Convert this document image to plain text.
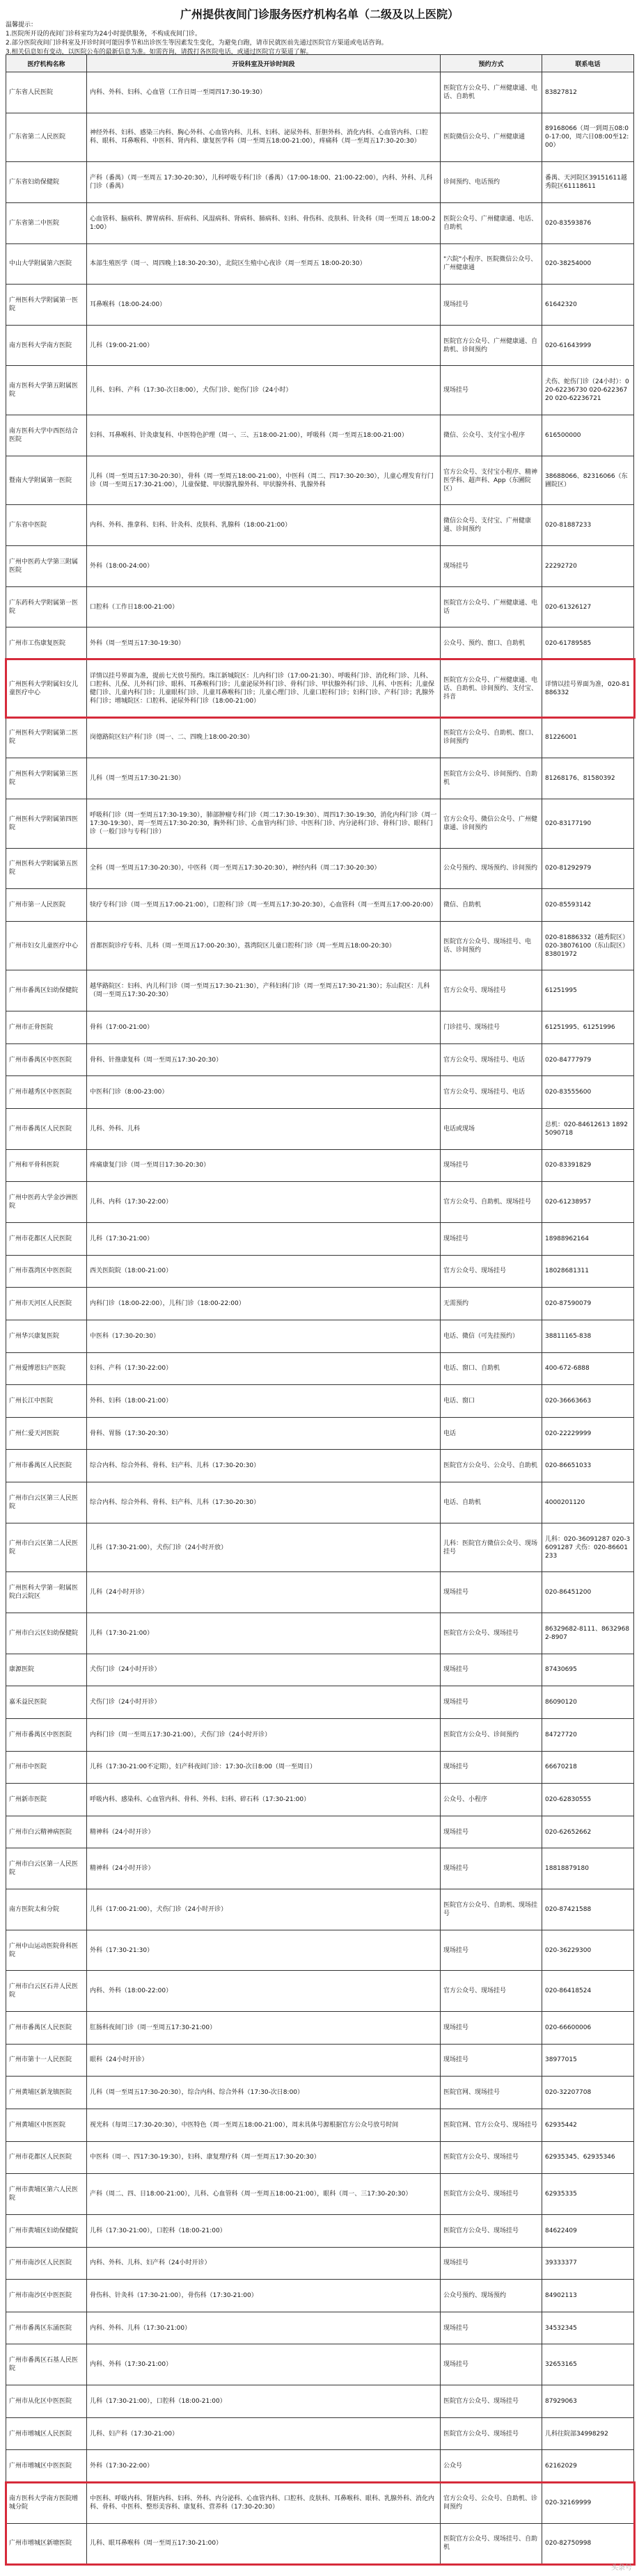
广州提供夜间门诊服务医疗机构名单（二级及以上医院）
温馨提示：
1.医院所开设的夜间门诊科室均为24小时提供服务，不构成夜间门诊。
2.部分医院夜间门诊科室及开诊时间可能因季节和出诊医生等因素发生变化，为避免白跑，请市民就医前先通过医院官方渠道或电话咨询。
3.相关信息如有变动，以医院公布的最新信息为准。如需咨询，请拨打各医院电话，或通过医院官方渠道了解。
医疗机构名称	开设科室及开诊时间段	预约方式	联系电话
广东省人民医院	内科、外科、妇科、心血管（工作日周一至周四17:30-19:30）	医院官方公众号、广州健康通、电话、自助机	83827812
广东省第二人民医院	神经外科、妇科、感染三内科、胸心外科、心血管内科、儿科、妇科、泌尿外科、肝胆外科、消化内科、心血管内科、口腔科、眼科、耳鼻喉科、中医科、肾内科、康复医学科（周一至周五18:00-21:00），疼痛科（周一至周五17:30-20:30）	医院微信公众号、广州健康通	89168066（周一到周五08:00-17:00，周六日08:00至12:00）
广东省妇幼保健院	产科（番禺）（周一至周五 17:30-20:30），儿科呼吸专科门诊（番禺）（17:00-18:00、21:00-22:00），内科、外科、儿科门诊（番禺）	诊间预约、电话预约	番禺、天河院区39151611越秀院区61118611
广东省第二中医院	心血管科、脑病科、脾胃病科、肝病科、风湿病科、肾病科、肺病科、妇科、骨伤科、皮肤科、针灸科（周一至周五 18:00-21:00）	医院公众号、广州健康通、电话、自助机	020-83593876
中山大学附属第六医院	本部生殖医学（周一、周四晚上18:30-20:30），北院区生殖中心夜诊（周一至周五 18:00-20:30）	"六院"小程序、医院微信公众号、广州健康通	020-38254000
广州医科大学附属第一医院	耳鼻喉科（18:00-24:00）	现场挂号	61642320
南方医科大学南方医院	儿科（19:00-21:00）	医院官方公众号、广州健康通、自助机、诊间预约	020-61643999
南方医科大学第五附属医院	儿科、妇科、产科（17:30-次日8:00），犬伤门诊、蛇伤门诊（24小时）	现场挂号	犬伤、蛇伤门诊（24小时）：020-62236730 020-62236720 020-62236721
南方医科大学中西医结合医院	妇科、耳鼻喉科、针灸康复科、中医特色护理（周一、三、五18:00-21:00），呼吸科（周一至周五18:00-21:00）	微信、公众号、支付宝小程序	616500000
暨南大学附属第一医院	儿科（周一至周五17:30-20:30），骨科（周一至周五18:00-21:00），中医科（周二、四17:30-20:30），儿童心理发育行门诊（周一至周五17:30-21:00），儿童保健、甲状腺乳腺外科、甲状腺外科、乳腺外科	官方公众号、支付宝小程序、精神医学科、超声科、App（东圃院区）	38688066、82316066（东圃院区）
广东省中医院	内科、外科、推拿科、妇科、针灸科、皮肤科、乳腺科（18:00-21:00）	微信公众号、支付宝、广州健康通、诊间预约	020-81887233
广州中医药大学第三附属医院	外科（18:00-24:00）	现场挂号	22292720
广东药科大学附属第一医院	口腔科（工作日18:00-21:00）	医院官方公众号、广州健康通、电话	020-61326127
广州市工伤康复医院	外科（周一至周五17:30-19:30）	公众号、预约、窗口、自助机	020-61789585
广州医科大学附属妇女儿童医疗中心	详情以挂号界面为准，提前七天放号预约。珠江新城院区：儿内科门诊（17:00-21:30）、呼吸科门诊、消化科门诊、儿科、口腔科、儿保、儿外科门诊、眼科、耳鼻喉科门诊；儿童泌尿外科门诊、骨科门诊、甲状腺外科门诊、儿科、中医科；儿童保健门诊、儿童内科门诊；儿童眼科门诊、儿童耳鼻喉科门诊；儿童心理门诊、儿童口腔科门诊；妇科门诊、产科门诊；乳腺外科门诊；增城院区：口腔科、泌尿外科门诊（18:00-21:00）	医院官方公众号、广州健康通、电话、自助机、诊间预约、支付宝、抖音	详情以挂号界面为准，020-81886332
广州医科大学附属第二医院	岗德路院区妇产科门诊（周一、二、四晚上18:00-20:30）	医院官方公众号、自助机、窗口、诊间预约	81226001
广州医科大学附属第三医院	儿科（周一至周五17:30-21:30）	医院官方公众号、诊间预约、自助机	81268176、81580392
广州医科大学附属第四医院	呼吸科门诊（周一至周五17:30-19:30），肺部肿瘤专科门诊（周二17:30-19:30）、周四17:30-19:30，消化内科门诊（周一17:30-19:30）、周一至周五17:30-20:30，胸外科门诊、心血管内科门诊、中医科门诊、内分泌科门诊、骨科门诊、眼科门诊（一般门诊与专科门诊）	官方公众号、微信公众号、广州健康通、诊间预约	020-83177190
广州医科大学附属第五医院	全科（周一至周五17:30-20:30），中医科（周一至周五17:30-20:30），神经内科（周二17:30-20:30）	公众号预约、现场预约、诊间预约	020-81292979
广州市第一人民医院	犊疗专科门诊（周一至周五17:00-21:00），口腔科门诊（周一至周五17:30-20:30），心血管科（周一至周五17:00-20:00）	微信、自助机	020-85593142
广州市妇女儿童医疗中心	首都医院诊疗专科、儿科（周一至周五17:00-20:30），荔湾院区儿童口腔科门诊（周一至周五18:00-20:30）	医院官方公众号、现场挂号、电话、诊间预约	020-81886332（越秀院区）020-38076100（东山院区）83801972
广州市番禺区妇幼保健院	越华路院区：妇科、内儿科门诊（周一至周五17:30-21:30），产科妇科门诊（周一至周五17:30-21:30）；东山院区：儿科（周一至周五17:30-20:30）	官方公众号、现场挂号	61251995
广州市正骨医院	骨科（17:00-21:00）	门诊挂号、现场挂号	61251995、61251996
广州市番禺区中医医院	骨科、针推康复科（周一至周五17:30-20:30）	官方公众号、现场挂号、电话	020-84777979
广州市越秀区中医医院	中医科门诊（8:00-23:00）	官方公众号、现场挂号、电话	020-83555600
广州市番禺区人民医院	儿科、外科、儿科	电话或现场	总机：020-84612613 18925090718
广州和平骨科医院	疼痛康复门诊（周一至周日17:30-20:30）	现场挂号	020-83391829
广州中医药大学金沙洲医院	儿科、内科（17:30-22:00）	官方公众号、自助机、现场挂号	020-61238957
广州市花都区人民医院	儿科（17:30-21:00）	现场挂号	18988962164
广州市荔湾区中医医院	西关医院院（18:00-21:00）	官方公众号、现场挂号	18028681311
广州市天河区人民医院	内科门诊（18:00-22:00），儿科门诊（18:00-22:00）	无需预约	020-87590079
广州华兴康复医院	中医科（17:30-20:30）	电话、微信（可先挂预约）	38811165-838
广州爱博恩妇产医院	妇科、产科（17:30-22:00）	电话、窗口、自助机	400-672-6888
广州长江中医院	外科、妇科（18:00-21:00）	电话、窗口	020-36663663
广州仁爱天河医院	骨科、胃肠（17:30-20:30）	电话	020-22229999
广州市番禺区人民医院	综合内科、综合外科、骨科、妇产科、儿科（17:30-20:30）	医院官方公众号、公众号、自助机	020-86651033
广州市白云区第三人民医院	综合内科、综合外科、骨科、妇产科、儿科（17:30-20:30）	电话、自助机	4000201120
广州市白云区第二人民医院	儿科（17:30-21:00），犬伤门诊（24小时开放）	儿科：医院官方微信公众号、现场挂号	儿科：020-36091287 020-36091287 犬伤：020-86601233
广州医科大学第一附属医院白云院区	儿科（24小时开诊）	现场挂号	020-86451200
广州市白云区妇幼保健院	儿科（17:30-21:00）	医院官方公众号、现场挂号	86329682-8111、86329682-8907
康源医院	犬伤门诊（24小时开诊）	现场挂号	87430695
嘉禾益民医院	犬伤门诊（24小时开诊）	现场挂号	86090120
广州市番禺区中医医院	内科门诊（周一至周五17:30-21:00），犬伤门诊（24小时开诊）	医院官方公众号、诊间预约	84727720
广州市中医院	儿科（17:30-21:00不定期），妇产科夜间门诊：17:30-次日8:00（周一至周日）	现场挂号	66670218
广州新市医院	呼吸内科、感染科、心血管内科、骨科、外科、妇科、碎石科（17:30-21:00）	公众号、小程序	020-62830555
广州市白云精神病医院	精神科（24小时开诊）	现场挂号	020-62652662
广州市白云区第一人民医院	精神科（24小时开诊）	现场挂号	18818879180
南方医院太和分院	儿科（17:00-21:00），犬伤门诊（24小时开诊）	医院官方公众号、自助机、现场挂号	020-87421588
广州中山运动医院骨科医院	外科（17:30-21:30）	现场挂号	020-36229300
广州市白云区石井人民医院	内科、外科（18:00-22:00）	官方公众号、现场挂号	020-86418524
广州市番禺区人民医院	肛肠科夜间门诊（周一至周五17:30-21:00）	现场挂号	020-66600006
广州市第十一人民医院	眼科（24小时开诊）	现场挂号	38977015
广州黄埔区新龙镇医院	儿科（周一至周五17:30-20:30），综合内科、综合外科（17:30-次日8:00）	医院官网、现场挂号	020-32207708
广州黄埔区中医医院	视光科（每周三17:30-20:30），中医特色（周一至周五18:00-21:00），周末具体号源根据官方公众号放号时间	医院官网、官方公众号、现场挂号	62935442
广州市花都区人民医院	中医科（周一、四17:30-19:30），妇科、康复理疗科（周一至周五17:30-20:30）	医院官方公众号、现场挂号	62935345、62935346
广州市黄埔区第六人民医院	产科（周二、四、日18:00-21:00），儿科、心血管科（周一至周五18:00-21:00），眼科（周一、三17:30-20:30）	医院官方公众号、现场挂号	62935335
广州市黄埔区妇幼保健院	儿科（17:30-21:00），口腔科（18:00-21:00）	医院官方公众号、现场挂号	84622409
广州市南沙区人民医院	内科、外科、儿科、妇产科（24小时开诊）	现场挂号	39333377
广州市南沙区中医医院	骨伤科、针灸科（17:30-21:00），骨伤科（17:30-21:00）	公众号预约、现场预约	84902113
广州市番禺区东涌医院	内科、外科、儿科（17:30-21:00）	现场挂号	34532345
广州市番禺区石基人民医院	内科、外科（17:30-21:00）	现场挂号	32653165
广州市从化区中医医院	儿科（17:30-21:00），口腔科（18:00-21:00）	医院官方公众号、现场挂号	87929063
广州市增城区人民医院	儿科、妇产科（17:30-21:00）	医院官方公众号、现场挂号	儿科往院部34998292
广州市增城区中医医院	外科（17:30-22:00）	公众号	62162029
南方医科大学南方医院增城分院	中医科、呼吸内科、肾脏内科、妇科、外科、内分泌科、心血管内科、口腔科、皮肤科、耳鼻喉科、眼科、乳腺外科、消化内科、骨科、中医科、整形美容科、康复科、营养科（17:30-20:30）	官方公众号、公众号、自助机、诊间预约	020-32169999
广州市增城区新塘医院	儿科、眼耳鼻喉科（周一至周五17:30-21:00）	医院官方公众号、现场挂号、自助机	020-82750998
头条号
